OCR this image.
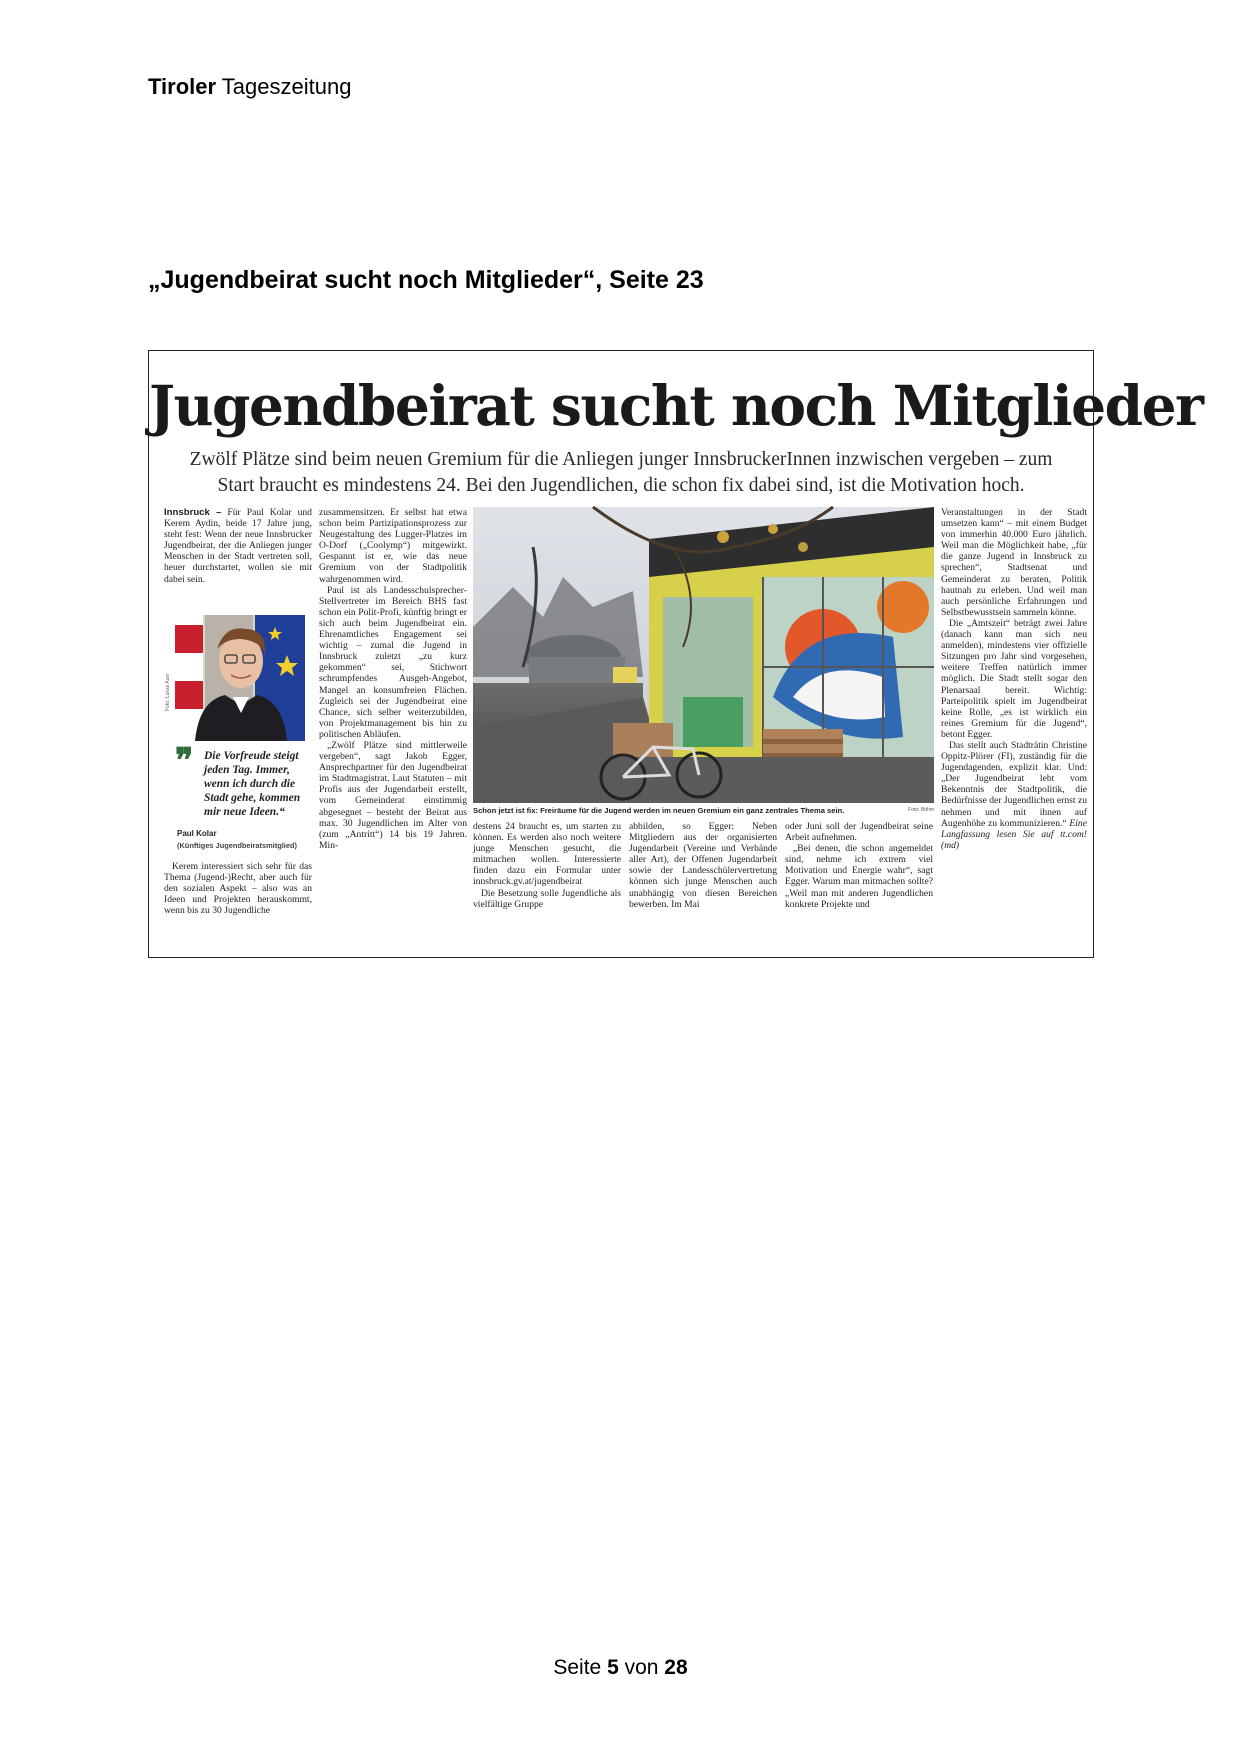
Tiroler Tageszeitung
„Jugendbeirat sucht noch Mitglieder“, Seite 23
Jugendbeirat sucht noch Mitglieder
Zwölf Plätze sind beim neuen Gremium für die Anliegen junger InnsbruckerInnen inzwischen vergeben – zum Start braucht es mindestens 24. Bei den Jugendlichen, die schon fix dabei sind, ist die Motivation hoch.

Innsbruck – Für Paul Kolar und Kerem Aydin, beide 17 Jahre jung, steht fest: Wenn der neue Innsbrucker Jugendbeirat, der die Anliegen junger Menschen in der Stadt vertreten soll, heuer durchstartet, wollen sie mit dabei sein.

Foto: Lukas Auer
❞ Die Vorfreude steigt jeden Tag. Immer, wenn ich durch die Stadt gehe, kommen mir neue Ideen.“
Paul Kolar
(Künftiges Jugendbeiratsmitglied)

Kerem interessiert sich sehr für das Thema (Jugend-)Recht, aber auch für den sozialen Aspekt – also was an Ideen und Projekten herauskommt, wenn bis zu 30 Jugendliche

zusammensitzen. Er selbst hat etwa schon beim Partizipationsprozess zur Neugestaltung des Lugger-Platzes im O-Dorf („Coolymp“) mitgewirkt. Gespannt ist er, wie das neue Gremium von der Stadtpolitik wahrgenommen wird.

Paul ist als Landesschulsprecher-Stellvertreter im Bereich BHS fast schon ein Polit-Profi, künftig bringt er sich auch beim Jugendbeirat ein. Ehrenamtliches Engagement sei wichtig – zumal die Jugend in Innsbruck zuletzt „zu kurz gekommen“ sei, Stichwort schrumpfendes Ausgeh-Angebot, Mangel an konsumfreien Flächen. Zugleich sei der Jugendbeirat eine Chance, sich selber weiterzubilden, von Projektmanagement bis hin zu politischen Abläufen.

„Zwölf Plätze sind mittlerweile vergeben“, sagt Jakob Egger, Ansprechpartner für den Jugendbeirat im Stadtmagistrat. Laut Statuten – mit Profis aus der Jugendarbeit erstellt, vom Gemeinderat einstimmig abgesegnet – besteht der Beirat aus max. 30 Jugendlichen im Alter von (zum „Antritt“) 14 bis 19 Jahren. Min-

Schon jetzt ist fix: Freiräume für die Jugend werden im neuen Gremium ein ganz zentrales Thema sein.	Foto: Böhm

destens 24 braucht es, um starten zu können. Es werden also noch weitere junge Menschen gesucht, die mitmachen wollen. Interessierte finden dazu ein Formular unter innsbruck.gv.at/jugendbeirat

Die Besetzung solle Jugendliche als vielfältige Gruppe

abbilden, so Egger: Neben Mitgliedern aus der organisierten Jugendarbeit (Vereine und Verbände aller Art), der Offenen Jugendarbeit sowie der Landesschülervertretung können sich junge Menschen auch unabhängig von diesen Bereichen bewerben. Im Mai

oder Juni soll der Jugendbeirat seine Arbeit aufnehmen.

„Bei denen, die schon angemeldet sind, nehme ich extrem viel Motivation und Energie wahr“, sagt Egger. Warum man mitmachen sollte? „Weil man mit anderen Jugendlichen konkrete Projekte und

Veranstaltungen in der Stadt umsetzen kann“ – mit einem Budget von immerhin 40.000 Euro jährlich. Weil man die Möglichkeit habe, „für die ganze Jugend in Innsbruck zu sprechen“, Stadtsenat und Gemeinderat zu beraten, Politik hautnah zu erleben. Und weil man auch persönliche Erfahrungen und Selbstbewusstsein sammeln könne.

Die „Amtszeit“ beträgt zwei Jahre (danach kann man sich neu anmelden), mindestens vier offizielle Sitzungen pro Jahr sind vorgesehen, weitere Treffen natürlich immer möglich. Die Stadt stellt sogar den Plenarsaal bereit. Wichtig: Parteipolitik spielt im Jugendbeirat keine Rolle, „es ist wirklich ein reines Gremium für die Jugend“, betont Egger.

Das stellt auch Stadträtin Christine Oppitz-Plörer (FI), zuständig für die Jugendagenden, explizit klar. Und: „Der Jugendbeirat lebt vom Bekenntnis der Stadtpolitik, die Bedürfnisse der Jugendlichen ernst zu nehmen und mit ihnen auf Augenhöhe zu kommunizieren.“ Eine Langfassung lesen Sie auf tt.com! (md)

Seite 5 von 28
